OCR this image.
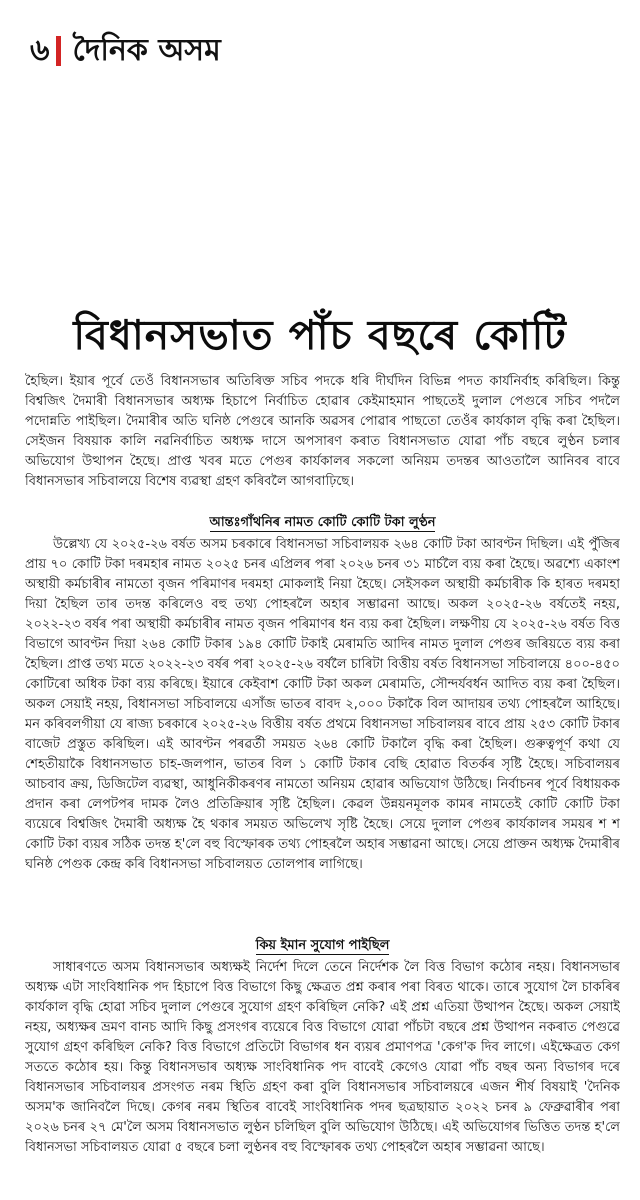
৬ দৈনিক অসম
বিধানসভাত পাঁচ বছৰে কোটি

হৈছিল। ইয়াৰ পূৰ্বে তেওঁ বিধানসভাৰ অতিৰিক্ত সচিব পদকে ধৰি দীৰ্ঘদিন বিভিন্ন পদত কাৰ্যনিৰ্বাহ কৰিছিল। কিন্তু বিশ্বজিৎ দৈমাৰী বিধানসভাৰ অধ্যক্ষ হিচাপে নিৰ্বাচিত হোৱাৰ কেইমাহমান পাছতেই দুলাল পেগুৰে সচিব পদলৈ পদোন্নতি পাইছিল। দৈমাৰীৰ অতি ঘনিষ্ঠ পেগুৰে আনকি অৱসৰ পোৱাৰ পাছতো তেওঁৰ কাৰ্যকাল বৃদ্ধি কৰা হৈছিল। সেইজন বিষয়াক কালি নৱনিৰ্বাচিত অধ্যক্ষ দাসে অপসাৰণ কৰাত বিধানসভাত যোৱা পাঁচ বছৰে লুণ্ঠন চলাৰ অভিযোগ উত্থাপন হৈছে। প্ৰাপ্ত খবৰ মতে পেগুৰ কাৰ্যকালৰ সকলো অনিয়ম তদন্তৰ আওতালৈ আনিবৰ বাবে বিধানসভাৰ সচিবালয়ে বিশেষ ব্যৱস্থা গ্ৰহণ কৰিবলৈ আগবাঢ়িছে।

আন্তঃগাঁথনিৰ নামত কোটি কোটি টকা লুণ্ঠন

উল্লেখ্য যে ২০২৫-২৬ বৰ্ষত অসম চৰকাৰে বিধানসভা সচিবালয়ক ২৬৪ কোটি টকা আবণ্টন দিছিল। এই পুঁজিৰ প্ৰায় ৭০ কোটি টকা দৰমহাৰ নামত ২০২৫ চনৰ এপ্ৰিলৰ পৰা ২০২৬ চনৰ ৩১ মাৰ্চলৈ ব্যয় কৰা হৈছে। অৱশ্যে একাংশ অস্থায়ী কৰ্মচাৰীৰ নামতো বৃজন পৰিমাণৰ দৰমহা মোকলাই নিয়া হৈছে। সেইসকল অস্থায়ী কৰ্মচাৰীক কি হাৰত দৰমহা দিয়া হৈছিল তাৰ তদন্ত কৰিলেও বহু তথ্য পোহৰলৈ অহাৰ সম্ভাৱনা আছে। অকল ২০২৫-২৬ বৰ্ষতেই নহয়, ২০২২-২৩ বৰ্ষৰ পৰা অস্থায়ী কৰ্মচাৰীৰ নামত বৃজন পৰিমাণৰ ধন ব্যয় কৰা হৈছিল। লক্ষণীয় যে ২০২৫-২৬ বৰ্ষত বিত্ত বিভাগে আবণ্টন দিয়া ২৬৪ কোটি টকাৰ ১৯৪ কোটি টকাই মেৰামতি আদিৰ নামত দুলাল পেগুৰ জৰিয়তে ব্যয় কৰা হৈছিল। প্ৰাপ্ত তথ্য মতে ২০২২-২৩ বৰ্ষৰ পৰা ২০২৫-২৬ বৰ্ষলৈ চাৰিটা বিত্তীয় বৰ্ষত বিধানসভা সচিবালয়ে ৪০০-৪৫০ কোটিৰো অধিক টকা ব্যয় কৰিছে। ইয়াৰে কেইবাশ কোটি টকা অকল মেৰামতি, সৌন্দৰ্যবৰ্ধন আদিত ব্যয় কৰা হৈছিল। অকল সেয়াই নহয়, বিধানসভা সচিবালয়ে এসাঁজ ভাতৰ বাবদ ২,০০০ টকাকৈ বিল আদায়ৰ তথ্য পোহৰলৈ আহিছে। মন কৰিবলগীয়া যে ৰাজ্য চৰকাৰে ২০২৫-২৬ বিত্তীয় বৰ্ষত প্ৰথমে বিধানসভা সচিবালয়ৰ বাবে প্ৰায় ২৫৩ কোটি টকাৰ বাজেট প্ৰস্তুত কৰিছিল। এই আবণ্টন পৰৱৰ্তী সময়ত ২৬৪ কোটি টকালৈ বৃদ্ধি কৰা হৈছিল। গুৰুত্বপূৰ্ণ কথা যে শেহতীয়াকৈ বিধানসভাত চাহ-জলপান, ভাতৰ বিল ১ কোটি টকাৰ বেছি হোৱাত বিতৰ্কৰ সৃষ্টি হৈছে। সচিবালয়ৰ আচবাব ক্ৰয়, ডিজিটেল ব্যৱস্থা, আধুনিকীকৰণৰ নামতো অনিয়ম হোৱাৰ অভিযোগ উঠিছে। নিৰ্বাচনৰ পূৰ্বে বিধায়কক প্ৰদান কৰা লেপটপৰ দামক লৈও প্ৰতিক্ৰিয়াৰ সৃষ্টি হৈছিল। কেৱল উন্নয়নমূলক কামৰ নামতেই কোটি কোটি টকা ব্যয়েৰে বিশ্বজিৎ দৈমাৰী অধ্যক্ষ হৈ থকাৰ সময়ত অভিলেখ সৃষ্টি হৈছে। সেয়ে দুলাল পেগুৰ কাৰ্যকালৰ সময়ৰ শ শ কোটি টকা ব্যয়ৰ সঠিক তদন্ত হ'লে বহু বিস্ফোৰক তথ্য পোহৰলৈ অহাৰ সম্ভাৱনা আছে। সেয়ে প্ৰাক্তন অধ্যক্ষ দৈমাৰীৰ ঘনিষ্ঠ পেগুক কেন্দ্ৰ কৰি বিধানসভা সচিবালয়ত তোলপাৰ লাগিছে।

কিয় ইমান সুযোগ পাইছিল

সাধাৰণতে অসম বিধানসভাৰ অধ্যক্ষই নিৰ্দেশ দিলে তেনে নিৰ্দেশক লৈ বিত্ত বিভাগ কঠোৰ নহয়। বিধানসভাৰ অধ্যক্ষ এটা সাংবিধানিক পদ হিচাপে বিত্ত বিভাগে কিছু ক্ষেত্ৰত প্ৰশ্ন কৰাৰ পৰা বিৰত থাকে। তাৰে সুযোগ লৈ চাকৰিৰ কাৰ্যকাল বৃদ্ধি হোৱা সচিব দুলাল পেগুৰে সুযোগ গ্ৰহণ কৰিছিল নেকি? এই প্ৰশ্ন এতিয়া উত্থাপন হৈছে। অকল সেয়াই নহয়, অধ্যক্ষৰ ভ্ৰমণ বানচ আদি কিছু প্ৰসংগৰ ব্যয়েৰে বিত্ত বিভাগে যোৱা পাঁচটা বছৰে প্ৰশ্ন উত্থাপন নকৰাত পেগুৱে সুযোগ গ্ৰহণ কৰিছিল নেকি? বিত্ত বিভাগে প্ৰতিটো বিভাগৰ ধন ব্যয়ৰ প্ৰমাণপত্ৰ 'কেগ'ক দিব লাগে। এইক্ষেত্ৰত কেগ সততে কঠোৰ হয়। কিন্তু বিধানসভাৰ অধ্যক্ষ সাংবিধানিক পদ বাবেই কেগেও যোৱা পাঁচ বছৰ অন্য বিভাগৰ দৰে বিধানসভাৰ সচিবালয়ৰ প্ৰসংগত নৰম স্থিতি গ্ৰহণ কৰা বুলি বিধানসভাৰ সচিবালয়ৰে এজন শীৰ্ষ বিষয়াই 'দৈনিক অসম'ক জানিবলৈ দিছে। কেগৰ নৰম স্থিতিৰ বাবেই সাংবিধানিক পদৰ ছত্ৰছায়াত ২০২২ চনৰ ৯ ফেব্ৰুৱাৰীৰ পৰা ২০২৬ চনৰ ২৭ মে'লৈ অসম বিধানসভাত লুণ্ঠন চলিছিল বুলি অভিযোগ উঠিছে। এই অভিযোগৰ ভিত্তিত তদন্ত হ'লে বিধানসভা সচিবালয়ত যোৱা ৫ বছৰে চলা লুণ্ঠনৰ বহু বিস্ফোৰক তথ্য পোহৰলৈ অহাৰ সম্ভাৱনা আছে।
